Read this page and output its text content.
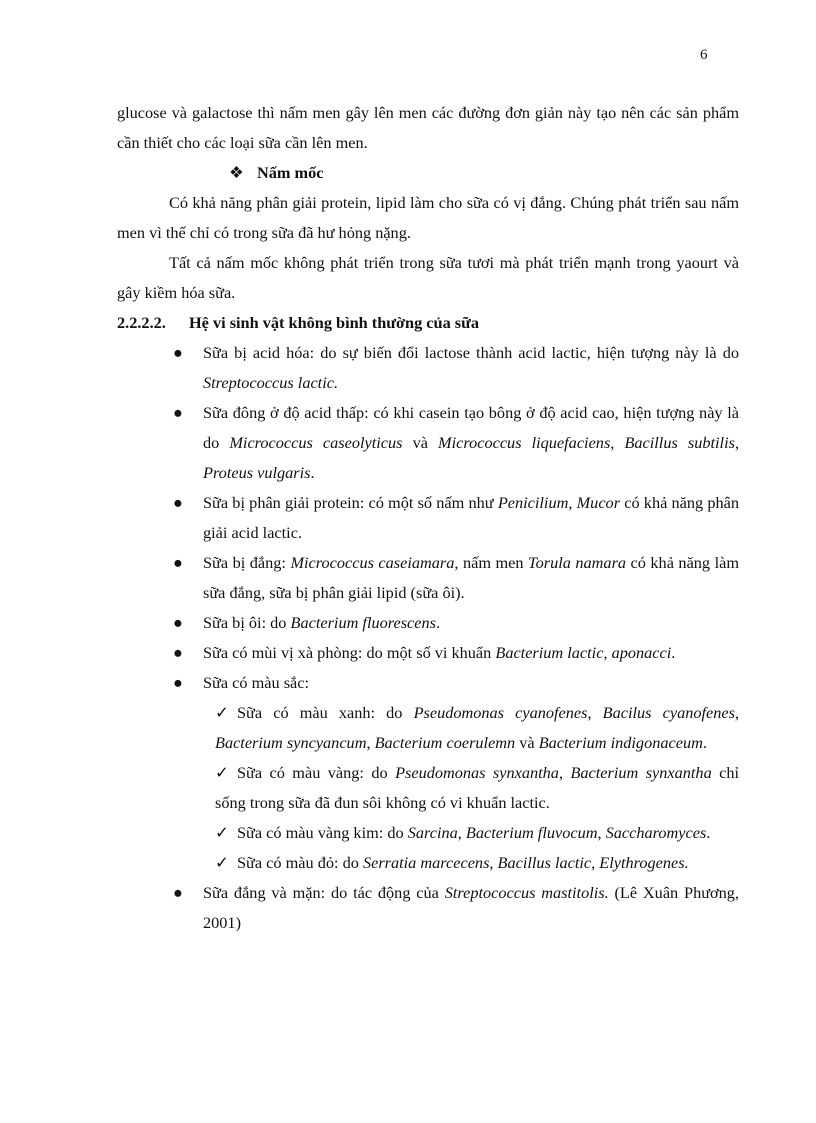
6

glucose và galactose thì nấm men gây lên men các đường đơn giản này tạo nên các sản phẩm cần thiết cho các loại sữa cần lên men.

❖ Nấm mốc

Có khả năng phân giải protein, lipid làm cho sữa có vị đắng. Chúng phát triển sau nấm men vì thế chỉ có trong sữa đã hư hỏng nặng.

Tất cả nấm mốc không phát triển trong sữa tươi mà phát triển mạnh trong yaourt và gây kiềm hóa sữa.

2.2.2.2. Hệ vi sinh vật không bình thường của sữa

●	Sữa bị acid hóa: do sự biến đổi lactose thành acid lactic, hiện tượng này là do Streptococcus lactic.

●	Sữa đông ở độ acid thấp: có khi casein tạo bông ở độ acid cao, hiện tượng này là do Micrococcus caseolyticus và Micrococcus liquefaciens, Bacillus subtilis, Proteus vulgaris.

●	Sữa bị phân giải protein: có một số nấm như Penicilium, Mucor có khả năng phân giải acid lactic.

●	Sữa bị đắng: Micrococcus caseiamara, nấm men Torula namara có khả năng làm sữa đắng, sữa bị phân giải lipid (sữa ôi).

●	Sữa bị ôi: do Bacterium fluorescens.

●	Sữa có mùi vị xà phòng: do một số vi khuẩn Bacterium lactic, aponacci.

●	Sữa có màu sắc:

✓ Sữa có màu xanh: do Pseudomonas cyanofenes, Bacilus cyanofenes, Bacterium syncyancum, Bacterium coerulemn và Bacterium indigonaceum.

✓ Sữa có màu vàng: do Pseudomonas synxantha, Bacterium synxantha chỉ sống trong sữa đã đun sôi không có vi khuẩn lactic.

✓ Sữa có màu vàng kim: do Sarcina, Bacterium fluvocum, Saccharomyces.

✓ Sữa có màu đỏ: do Serratia marcecens, Bacillus lactic, Elythrogenes.

●	Sữa đắng và mặn: do tác động của Streptococcus mastitolis. (Lê Xuân Phương, 2001)
